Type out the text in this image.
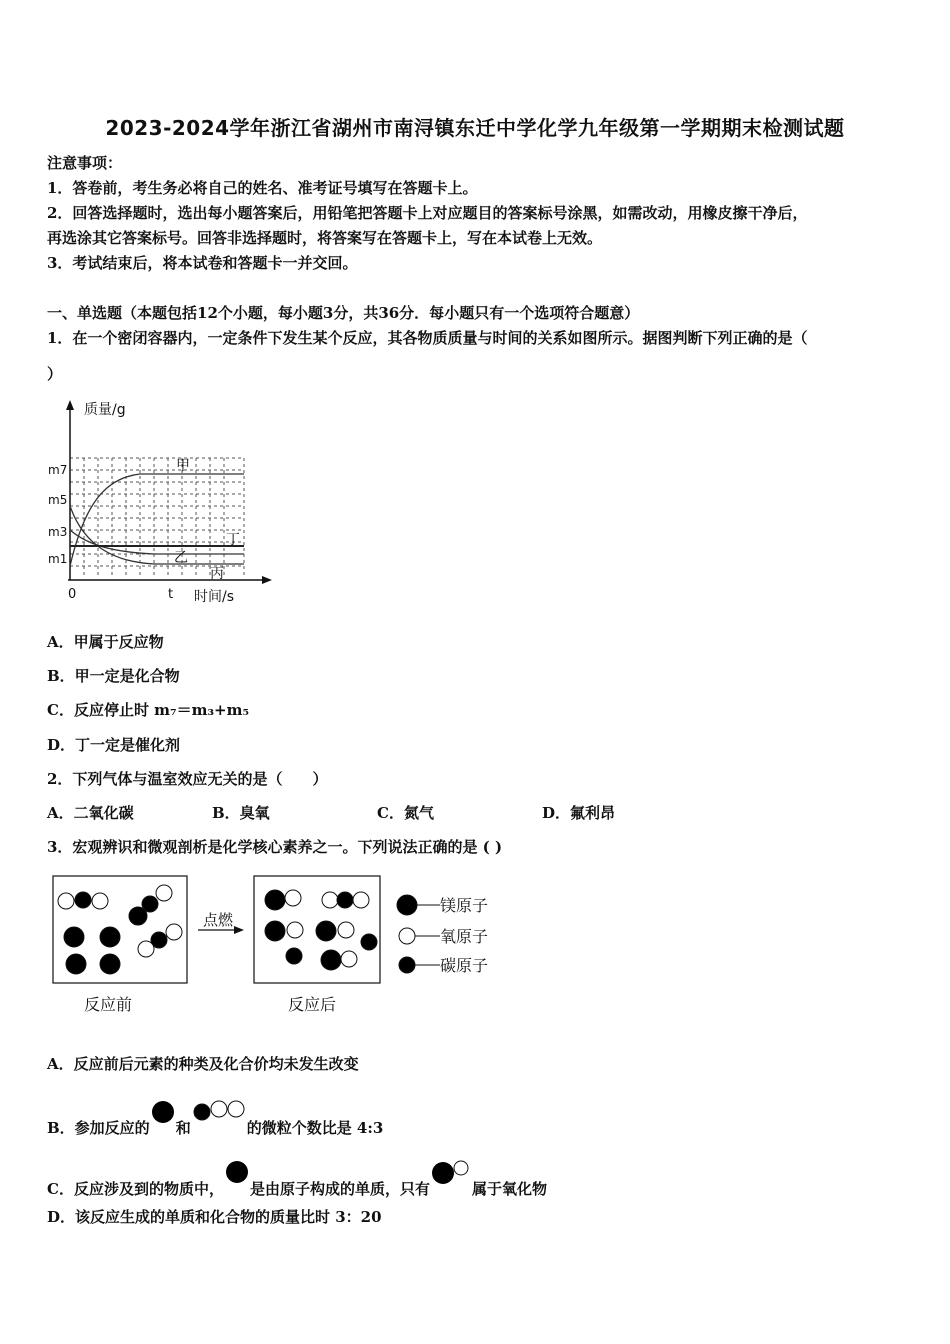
2023-2024学年浙江省湖州市南浔镇东迁中学化学九年级第一学期期末检测试题
注意事项：
1．答卷前，考生务必将自己的姓名、准考证号填写在答题卡上。
2．回答选择题时，选出每小题答案后，用铅笔把答题卡上对应题目的答案标号涂黑，如需改动，用橡皮擦干净后，
再选涂其它答案标号。回答非选择题时，将答案写在答题卡上，写在本试卷上无效。
3．考试结束后，将本试卷和答题卡一并交回。
一、单选题（本题包括12个小题，每小题3分，共36分．每小题只有一个选项符合题意）
1．在一个密闭容器内，一定条件下发生某个反应，其各物质质量与时间的关系如图所示。据图判断下列正确的是（
）
质量/g
m7
m5
m3
m1
甲
乙
丙
丁
0	t 时间/s
A．甲属于反应物
B．甲一定是化合物
C．反应停止时 m₇＝m₃+m₅
D．丁一定是催化剂
2．下列气体与温室效应无关的是（　　）
A．二氧化碳	B．臭氧	C．氮气	D．氟利昂
3．宏观辨识和微观剖析是化学核心素养之一。下列说法正确的是 ( )
反应前
点燃
反应后
镁原子
氧原子
碳原子
A．反应前后元素的种类及化合价均未发生改变
B．参加反应的 和	的微粒个数比是 4:3
C．反应涉及到的物质中， 是由原子构成的单质，只有	属于氧化物
D．该反应生成的单质和化合物的质量比时 3：20
